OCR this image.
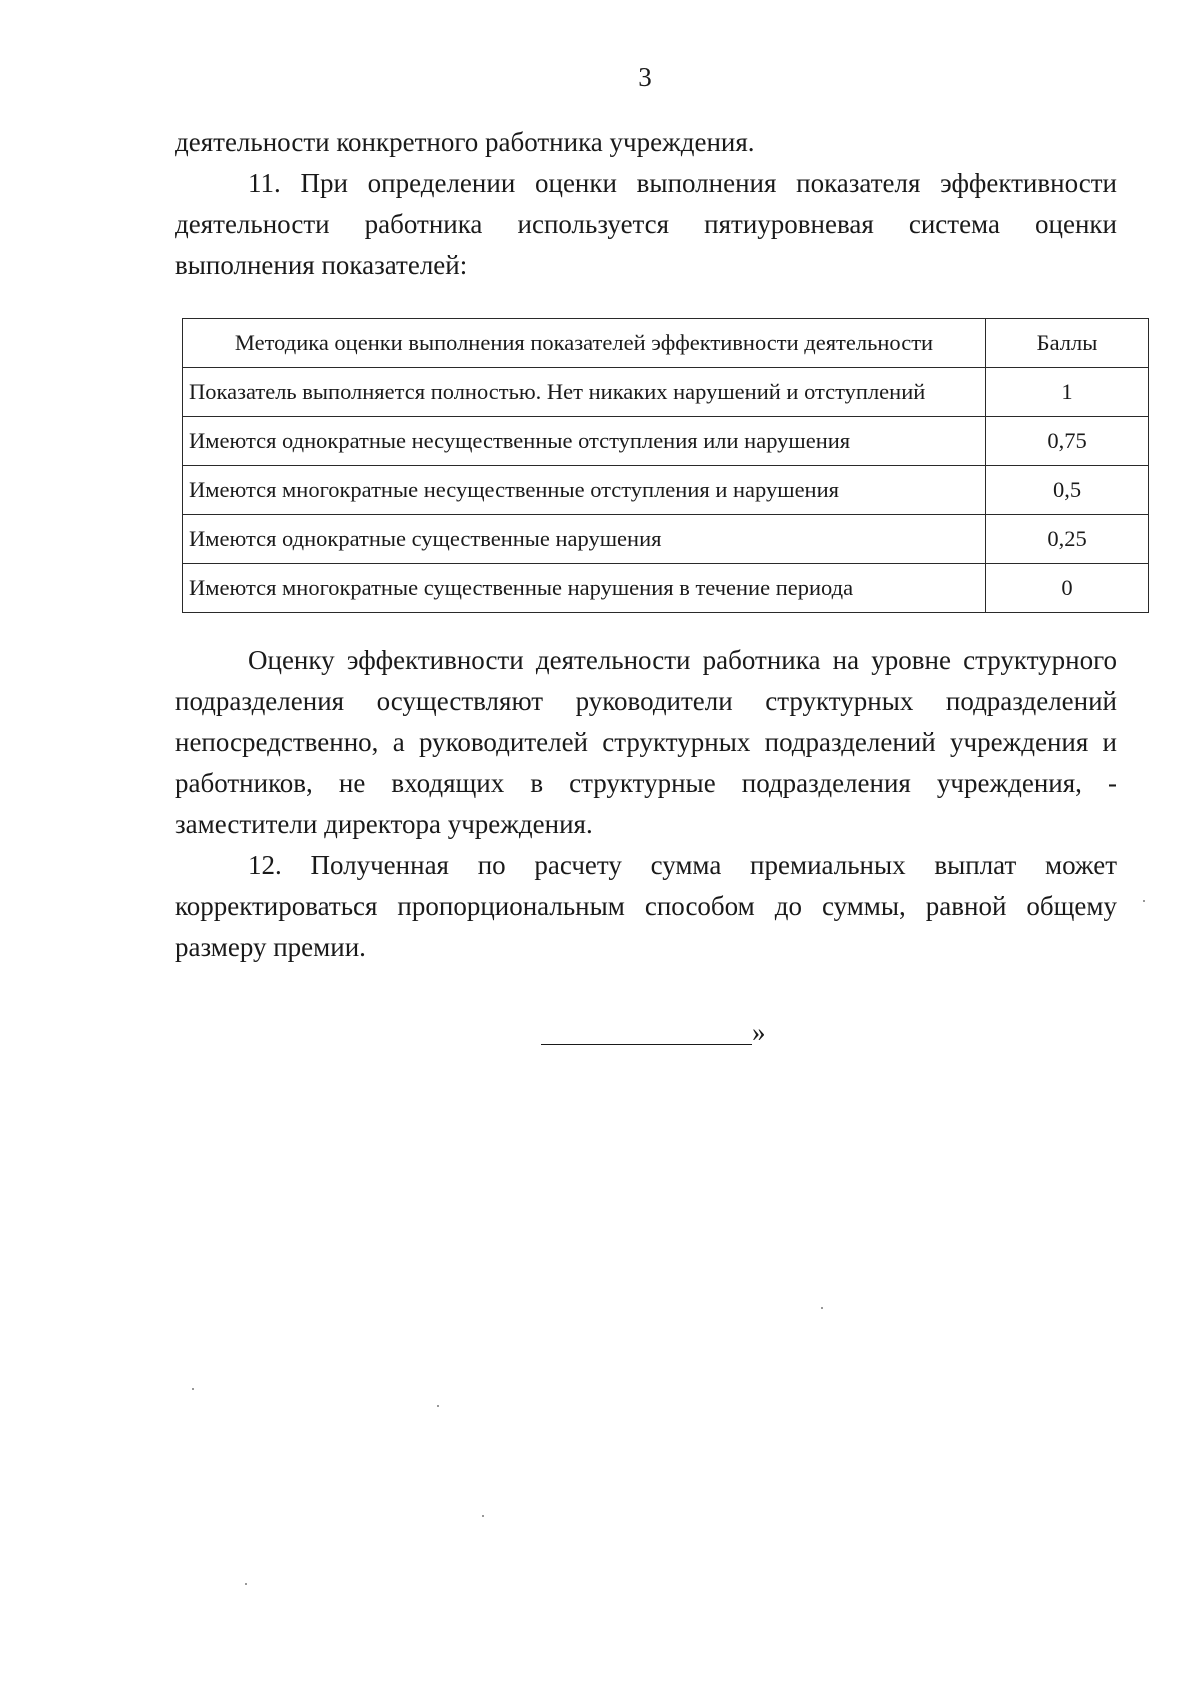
3

деятельности конкретного работника учреждения.

11. При определении оценки выполнения показателя эффективности деятельности работника используется пятиуровневая система оценки выполнения показателей:

Методика оценки выполнения показателей эффективности деятельности	Баллы
Показатель выполняется полностью. Нет никаких нарушений и отступлений	1
Имеются однократные несущественные отступления или нарушения	0,75
Имеются многократные несущественные отступления и нарушения	0,5
Имеются однократные существенные нарушения	0,25
Имеются многократные существенные нарушения в течение периода	0

Оценку эффективности деятельности работника на уровне структурного подразделения осуществляют руководители структурных подразделений непосредственно, а руководителей структурных подразделений учреждения и работников, не входящих в структурные подразделения учреждения, - заместители директора учреждения.

12. Полученная по расчету сумма премиальных выплат может корректироваться пропорциональным способом до суммы, равной общему размеру премии.

»
